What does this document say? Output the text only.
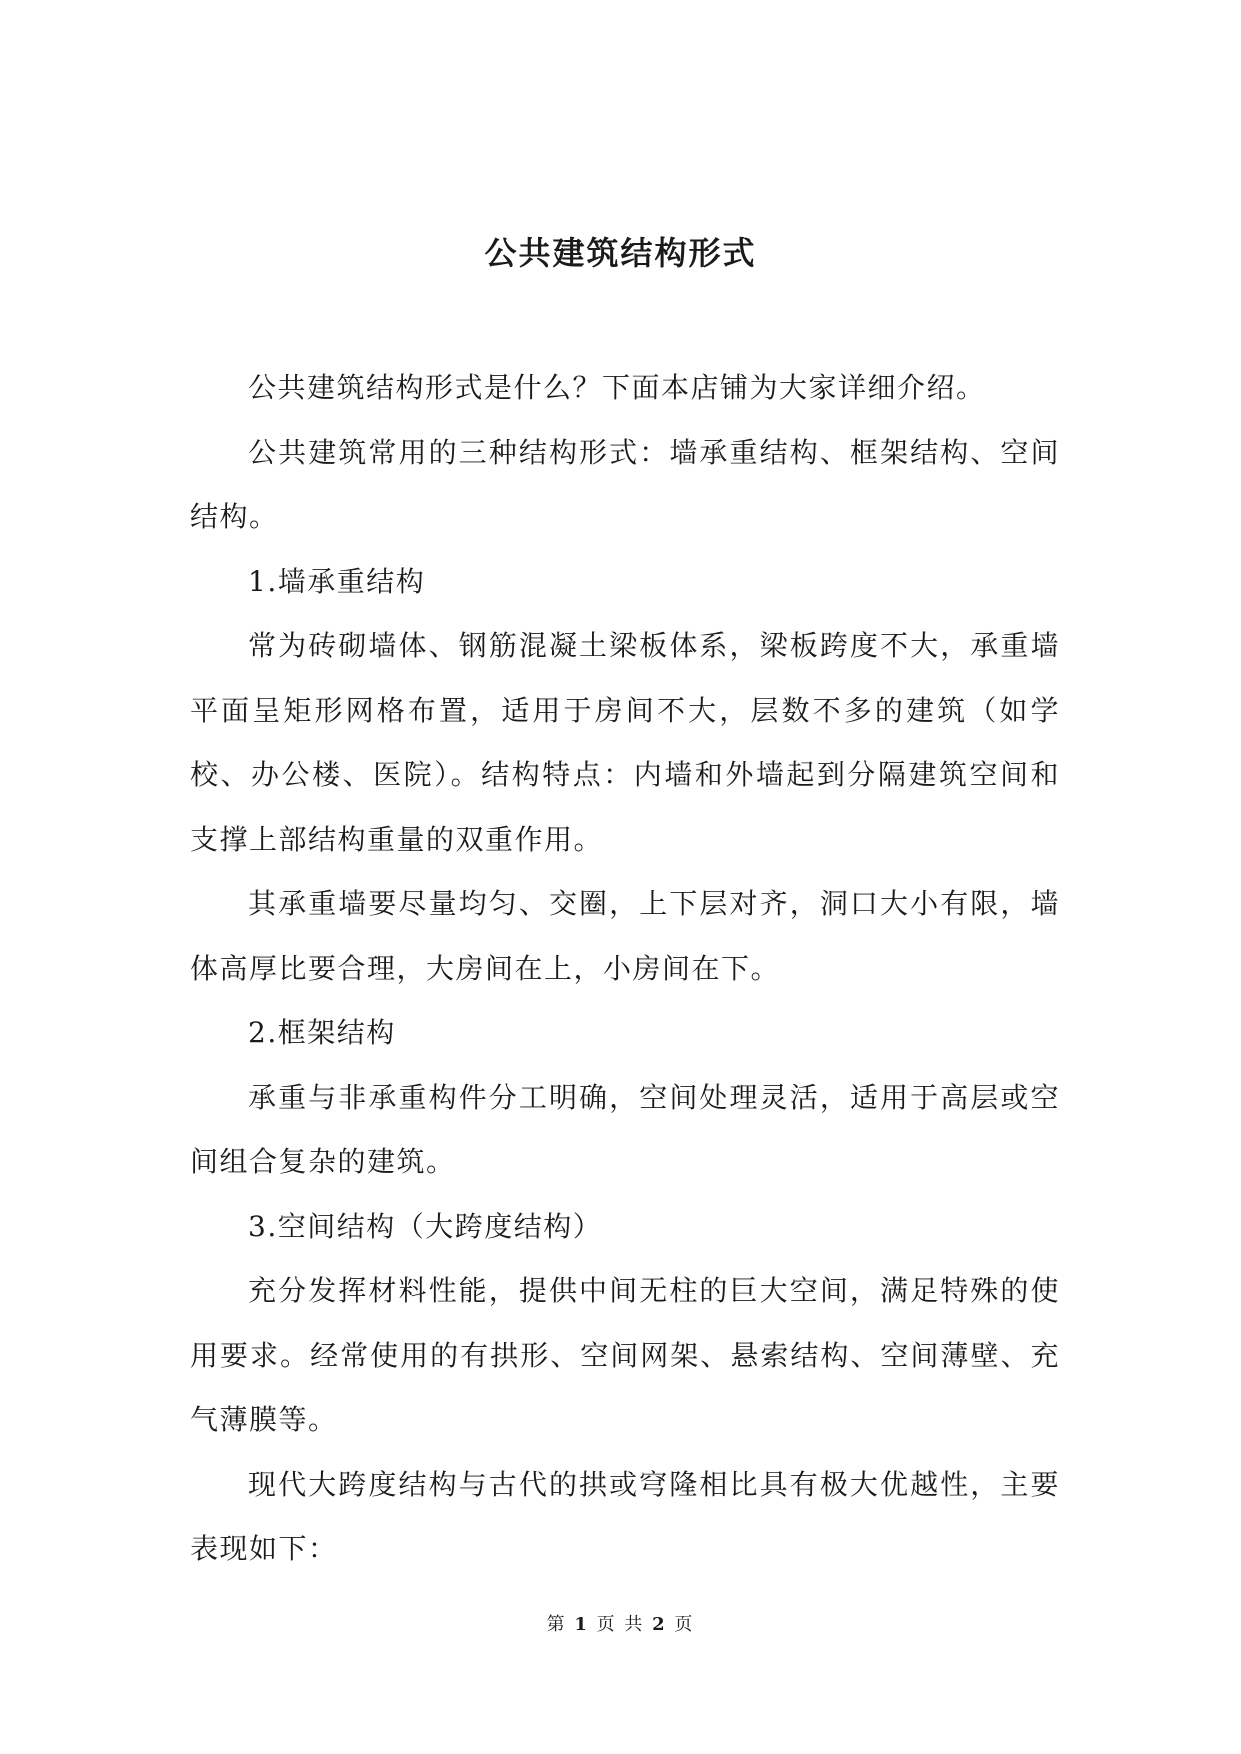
公共建筑结构形式

公共建筑结构形式是什么？下面本店铺为大家详细介绍。

公共建筑常用的三种结构形式：墙承重结构、框架结构、空间结构。

1.墙承重结构

常为砖砌墙体、钢筋混凝土梁板体系，梁板跨度不大，承重墙平面呈矩形网格布置，适用于房间不大，层数不多的建筑（如学校、办公楼、医院）。结构特点：内墙和外墙起到分隔建筑空间和支撑上部结构重量的双重作用。

其承重墙要尽量均匀、交圈，上下层对齐，洞口大小有限，墙体高厚比要合理，大房间在上，小房间在下。

2.框架结构

承重与非承重构件分工明确，空间处理灵活，适用于高层或空间组合复杂的建筑。

3.空间结构（大跨度结构）

充分发挥材料性能，提供中间无柱的巨大空间，满足特殊的使用要求。经常使用的有拱形、空间网架、悬索结构、空间薄壁、充气薄膜等。

现代大跨度结构与古代的拱或穹隆相比具有极大优越性，主要表现如下：

第 1 页 共 2 页
